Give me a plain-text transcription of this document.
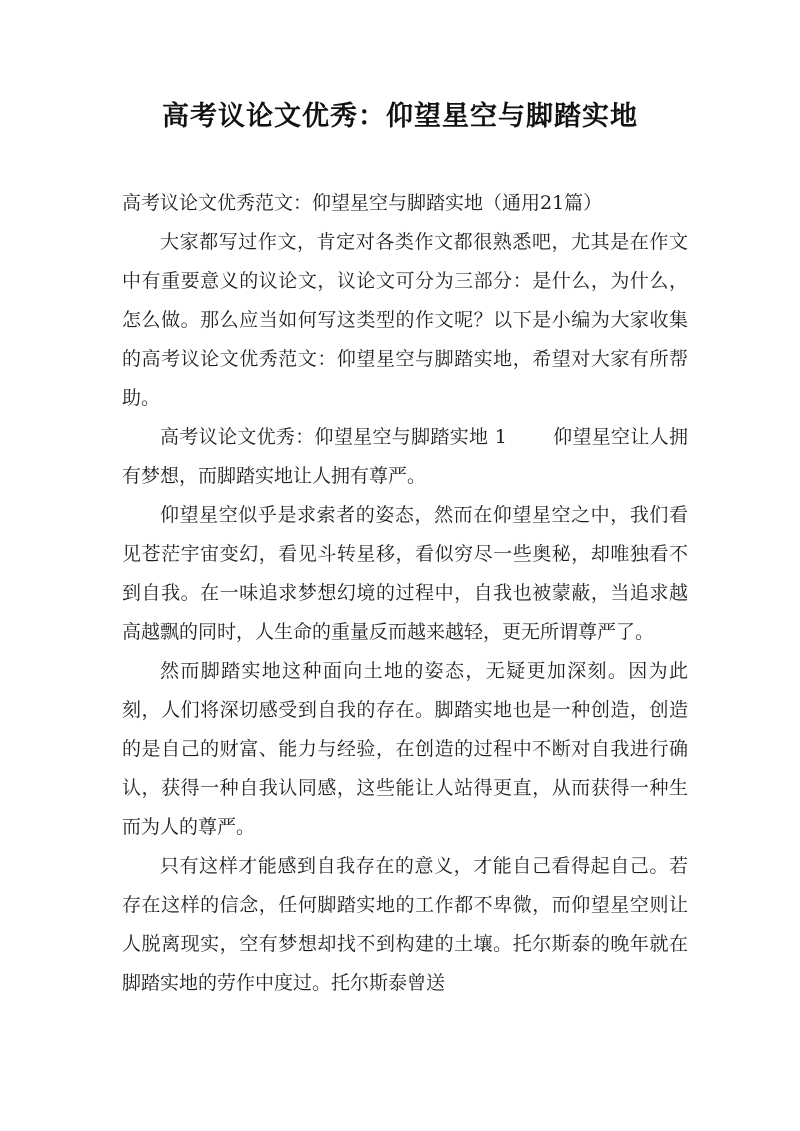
高考议论文优秀：仰望星空与脚踏实地

高考议论文优秀范文：仰望星空与脚踏实地（通用21篇）

大家都写过作文，肯定对各类作文都很熟悉吧，尤其是在作文中有重要意义的议论文，议论文可分为三部分：是什么，为什么，怎么做。那么应当如何写这类型的作文呢？以下是小编为大家收集的高考议论文优秀范文：仰望星空与脚踏实地，希望对大家有所帮助。

高考议论文优秀：仰望星空与脚踏实地 1 仰望星空让人拥有梦想，而脚踏实地让人拥有尊严。

仰望星空似乎是求索者的姿态，然而在仰望星空之中，我们看见苍茫宇宙变幻，看见斗转星移，看似穷尽一些奥秘，却唯独看不到自我。在一味追求梦想幻境的过程中，自我也被蒙蔽，当追求越高越飘的同时，人生命的重量反而越来越轻，更无所谓尊严了。

然而脚踏实地这种面向土地的姿态，无疑更加深刻。因为此刻，人们将深切感受到自我的存在。脚踏实地也是一种创造，创造的是自己的财富、能力与经验，在创造的过程中不断对自我进行确认，获得一种自我认同感，这些能让人站得更直，从而获得一种生而为人的尊严。

只有这样才能感到自我存在的意义，才能自己看得起自己。若存在这样的信念，任何脚踏实地的工作都不卑微，而仰望星空则让人脱离现实，空有梦想却找不到构建的土壤。托尔斯泰的晚年就在脚踏实地的劳作中度过。托尔斯泰曾送
